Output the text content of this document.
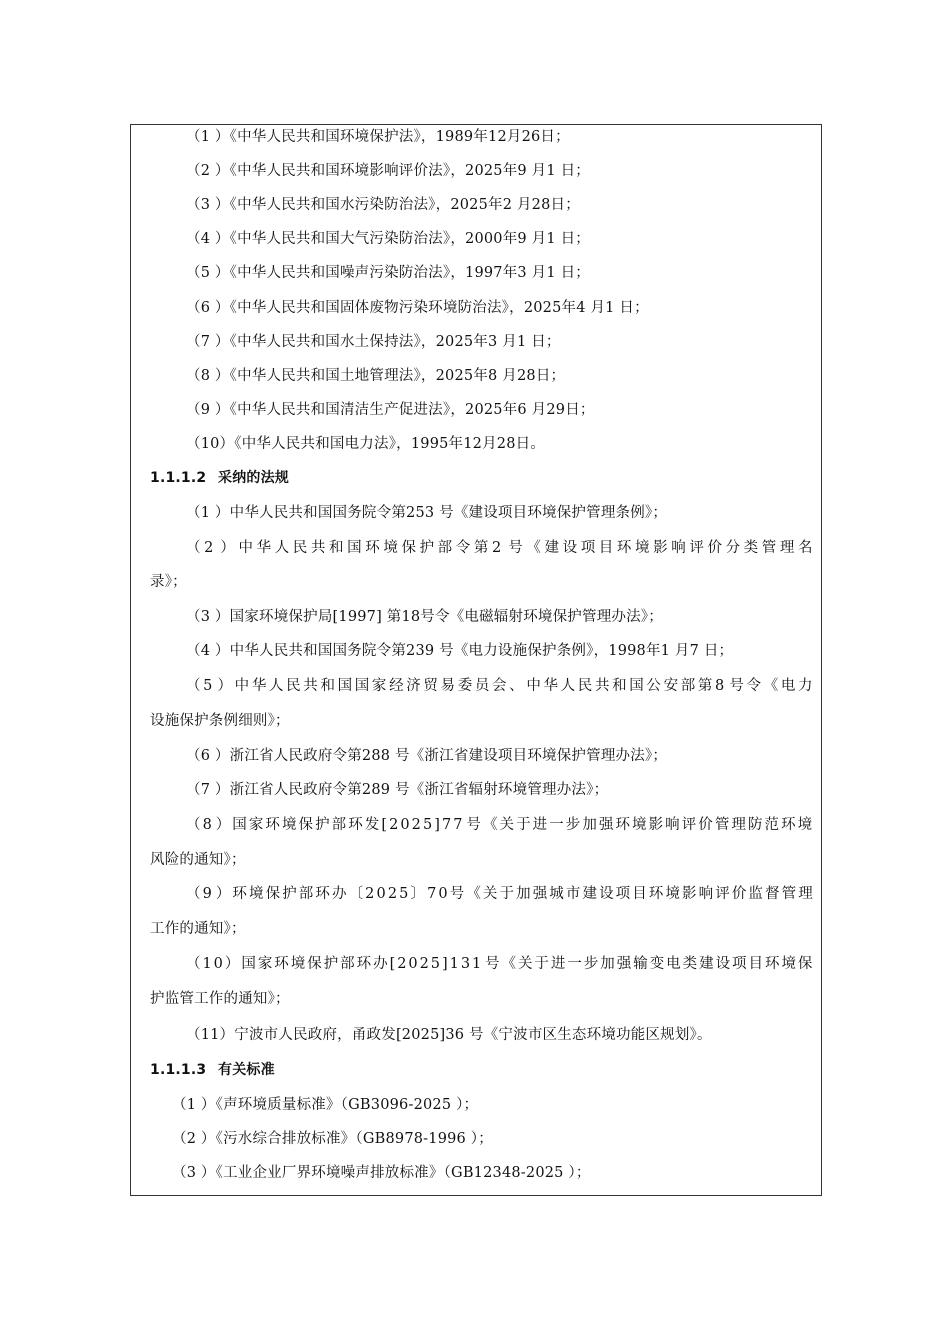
（1 ）《中华人民共和国环境保护法》，1989年12月26日；
（2 ）《中华人民共和国环境影响评价法》，2025年9 月1 日；
（3 ）《中华人民共和国水污染防治法》，2025年2 月28日；
（4 ）《中华人民共和国大气污染防治法》，2000年9 月1 日；
（5 ）《中华人民共和国噪声污染防治法》，1997年3 月1 日；
（6 ）《中华人民共和国固体废物污染环境防治法》，2025年4 月1 日；
（7 ）《中华人民共和国水土保持法》，2025年3 月1 日；
（8 ）《中华人民共和国土地管理法》，2025年8 月28日；
（9 ）《中华人民共和国清洁生产促进法》，2025年6 月29日；
（10）《中华人民共和国电力法》，1995年12月28日。
1.1.1.2 采纳的法规
（1 ）中华人民共和国国务院令第253 号《建设项目环境保护管理条例》；
（ 2 ） 中 华 人 民 共 和 国 环 境 保 护 部 令 第 2 号 《 建 设 项 目 环 境 影 响 评 价 分 类 管 理 名
录》；
（3 ）国家环境保护局[1997] 第18号令《电磁辐射环境保护管理办法》；
（4 ）中华人民共和国国务院令第239 号《电力设施保护条例》，1998年1 月7 日；
（ 5 ） 中 华 人 民 共 和 国 国 家 经 济 贸 易 委 员 会 、 中 华 人 民 共 和 国 公 安 部 第 8 号 令 《 电 力
设施保护条例细则》；
（6 ）浙江省人民政府令第288 号《浙江省建设项目环境保护管理办法》；
（7 ）浙江省人民政府令第289 号《浙江省辐射环境管理办法》；
（ 8 ） 国 家 环 境 保 护 部 环 发 [ 2 0 2 5 ] 7 7 号 《 关 于 进 一 步 加 强 环 境 影 响 评 价 管 理 防 范 环 境
风险的通知》；
（ 9 ） 环 境 保 护 部 环 办 〔 2 0 2 5 〕 7 0 号 《 关 于 加 强 城 市 建 设 项 目 环 境 影 响 评 价 监 督 管 理
工作的通知》；
（ 1 0 ） 国 家 环 境 保 护 部 环 办 [ 2 0 2 5 ] 1 3 1 号 《 关 于 进 一 步 加 强 输 变 电 类 建 设 项 目 环 境 保
护监管工作的通知》；
（11）宁波市人民政府，甬政发[2025]36 号《宁波市区生态环境功能区规划》。
1.1.1.3 有关标准
（1 ）《声环境质量标准》（GB3096-2025 ）；
（2 ）《污水综合排放标准》（GB8978-1996 ）；
（3 ）《工业企业厂界环境噪声排放标准》（GB12348-2025 ）；
